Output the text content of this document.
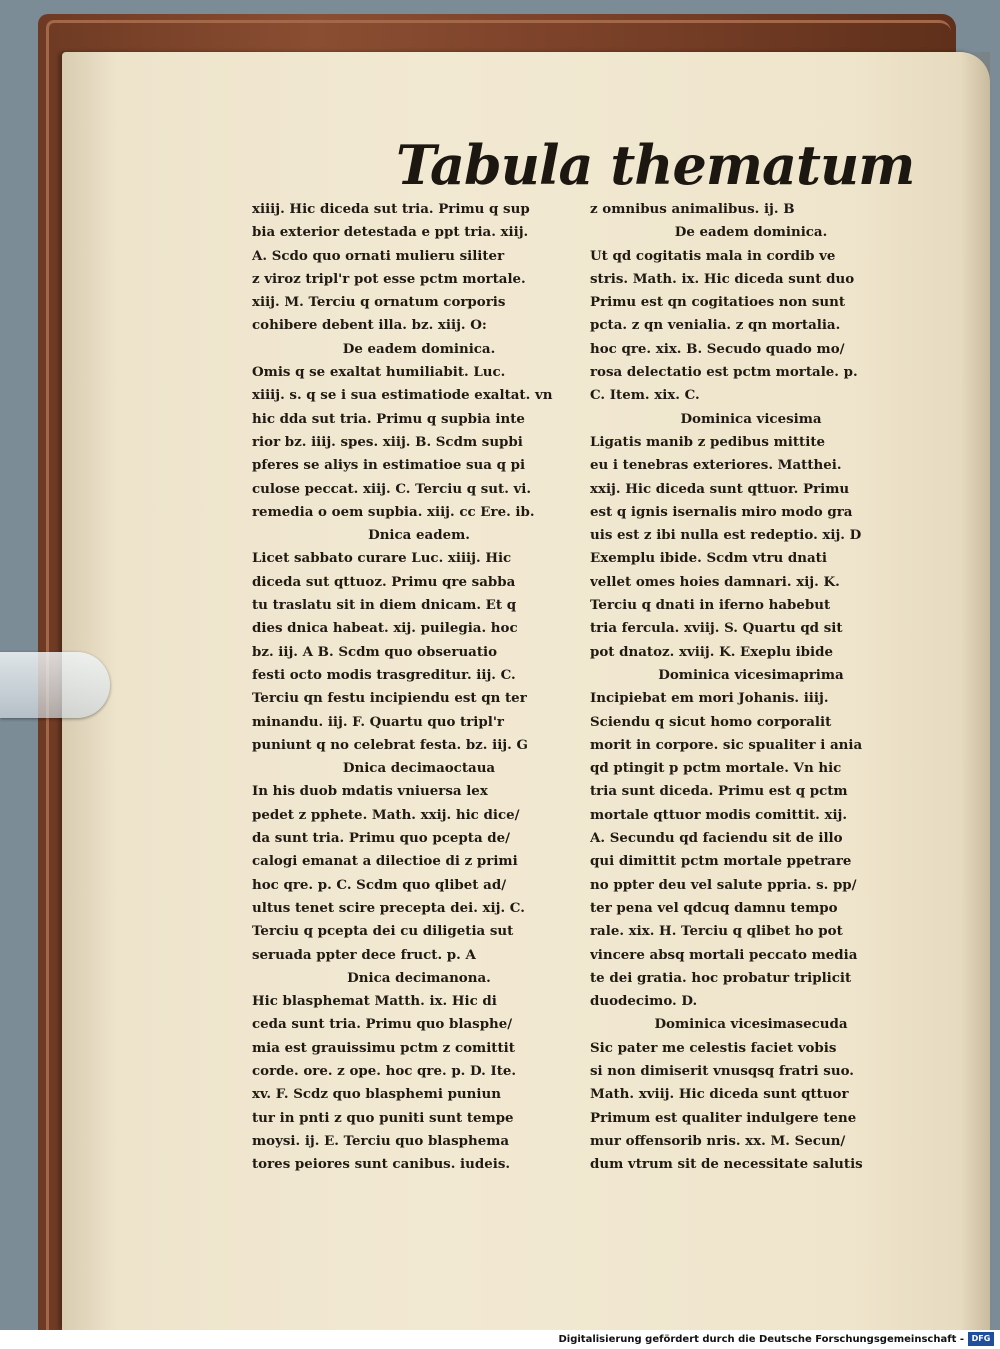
Tabula thematum
xiiij. Hic diceda sut tria. Primu q sup
bia exterior detestada e ppt tria. xiij.
A. Scdo quo ornati mulieru siliter
z viroz tripl'r pot esse pctm mortale.
xiij. M. Terciu q ornatum corporis
cohibere debent illa. bz. xiij. O:
De eadem dominica.
Omis q se exaltat humiliabit. Luc.
xiiij. s. q se i sua estimatiode exaltat. vn
hic dda sut tria. Primu q supbia inte
rior bz. iiij. spes. xiij. B. Scdm supbi
pferes se aliys in estimatioe sua q pi
culose peccat. xiij. C. Terciu q sut. vi.
remedia o oem supbia. xiij. cc Ere. ib.
Dnica eadem.
Licet sabbato curare Luc. xiiij. Hic
diceda sut qttuoz. Primu qre sabba
tu traslatu sit in diem dnicam. Et q
dies dnica habeat. xij. puilegia. hoc
bz. iij. A B. Scdm quo obseruatio
festi octo modis trasgreditur. iij. C.
Terciu qn festu incipiendu est qn ter
minandu. iij. F. Quartu quo tripl'r
puniunt q no celebrat festa. bz. iij. G
Dnica decimaoctaua
In his duob mdatis vniuersa lex
pedet z pphete. Math. xxij. hic dice/
da sunt tria. Primu quo pcepta de/
calogi emanat a dilectioe di z primi
hoc qre. p. C. Scdm quo qlibet ad/
ultus tenet scire precepta dei. xij. C.
Terciu q pcepta dei cu diligetia sut
seruada ppter dece fruct. p. A
Dnica decimanona.
Hic blasphemat Matth. ix. Hic di
ceda sunt tria. Primu quo blasphe/
mia est grauissimu pctm z comittit
corde. ore. z ope. hoc qre. p. D. Ite.
xv. F. Scdz quo blasphemi puniun
tur in pnti z quo puniti sunt tempe
moysi. ij. E. Terciu quo blasphema
tores peiores sunt canibus. iudeis.
z omnibus animalibus. ij. B
De eadem dominica.
Ut qd cogitatis mala in cordib ve
stris. Math. ix. Hic diceda sunt duo
Primu est qn cogitatioes non sunt
pcta. z qn venialia. z qn mortalia.
hoc qre. xix. B. Secudo quado mo/
rosa delectatio est pctm mortale. p.
C. Item. xix. C.
Dominica vicesima
Ligatis manib z pedibus mittite
eu i tenebras exteriores. Matthei.
xxij. Hic diceda sunt qttuor. Primu
est q ignis isernalis miro modo gra
uis est z ibi nulla est redeptio. xij. D
Exemplu ibide. Scdm vtru dnati
vellet omes hoies damnari. xij. K.
Terciu q dnati in iferno habebut
tria fercula. xviij. S. Quartu qd sit
pot dnatoz. xviij. K. Exeplu ibide
Dominica vicesimaprima
Incipiebat em mori Johanis. iiij.
Sciendu q sicut homo corporalit
morit in corpore. sic spualiter i ania
qd ptingit p pctm mortale. Vn hic
tria sunt diceda. Primu est q pctm
mortale qttuor modis comittit. xij.
A. Secundu qd faciendu sit de illo
qui dimittit pctm mortale ppetrare
no ppter deu vel salute ppria. s. pp/
ter pena vel qdcuq damnu tempo
rale. xix. H. Terciu q qlibet ho pot
vincere absq mortali peccato media
te dei gratia. hoc probatur triplicit
duodecimo. D.
Dominica vicesimasecuda
Sic pater me celestis faciet vobis
si non dimiserit vnusqsq fratri suo.
Math. xviij. Hic diceda sunt qttuor
Primum est qualiter indulgere tene
mur offensorib nris. xx. M. Secun/
dum vtrum sit de necessitate salutis
Digitalisierung gefördert durch die Deutsche Forschungsgemeinschaft - DFG
